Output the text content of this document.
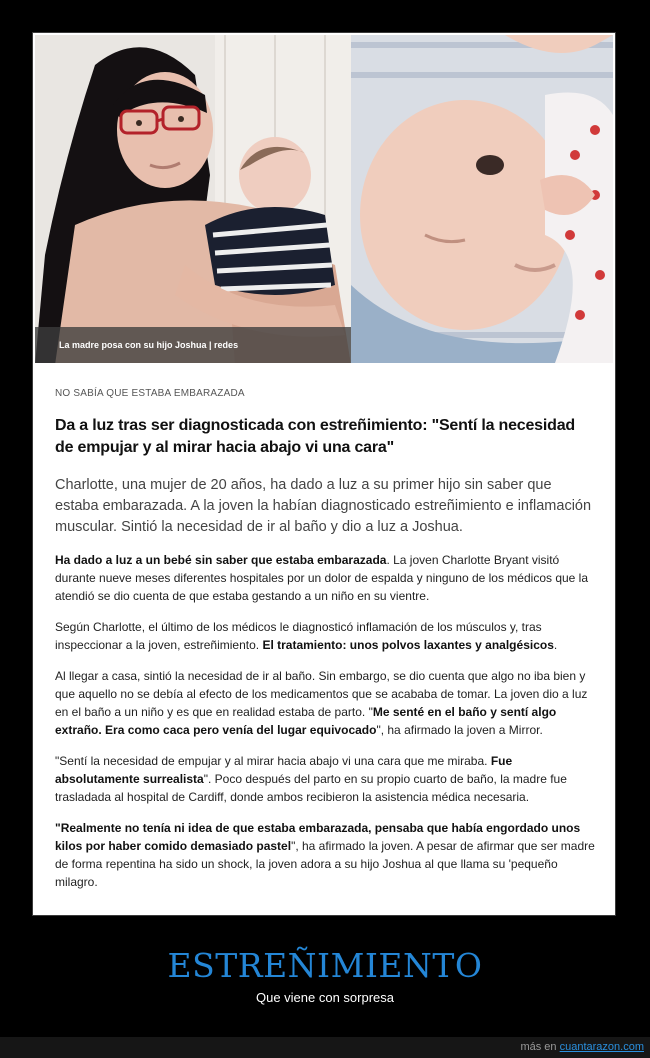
La madre posa con su hijo Joshua | redes
NO SABÍA QUE ESTABA EMBARAZADA
Da a luz tras ser diagnosticada con estreñimiento: "Sentí la necesidad de empujar y al mirar hacia abajo vi una cara"
Charlotte, una mujer de 20 años, ha dado a luz a su primer hijo sin saber que estaba embarazada. A la joven la habían diagnosticado estreñimiento e inflamación muscular. Sintió la necesidad de ir al baño y dio a luz a Joshua.
Ha dado a luz a un bebé sin saber que estaba embarazada. La joven Charlotte Bryant visitó durante nueve meses diferentes hospitales por un dolor de espalda y ninguno de los médicos que la atendió se dio cuenta de que estaba gestando a un niño en su vientre.
Según Charlotte, el último de los médicos le diagnosticó inflamación de los músculos y, tras inspeccionar a la joven, estreñimiento. El tratamiento: unos polvos laxantes y analgésicos.
Al llegar a casa, sintió la necesidad de ir al baño. Sin embargo, se dio cuenta que algo no iba bien y que aquello no se debía al efecto de los medicamentos que se acababa de tomar. La joven dio a luz en el baño a un niño y es que en realidad estaba de parto. "Me senté en el baño y sentí algo extraño. Era como caca pero venía del lugar equivocado", ha afirmado la joven a Mirror.
"Sentí la necesidad de empujar y al mirar hacia abajo vi una cara que me miraba. Fue absolutamente surrealista". Poco después del parto en su propio cuarto de baño, la madre fue trasladada al hospital de Cardiff, donde ambos recibieron la asistencia médica necesaria.
"Realmente no tenía ni idea de que estaba embarazada, pensaba que había engordado unos kilos por haber comido demasiado pastel", ha afirmado la joven. A pesar de afirmar que ser madre de forma repentina ha sido un shock, la joven adora a su hijo Joshua al que llama su 'pequeño milagro.
ESTREÑIMIENTO
Que viene con sorpresa
más en cuantarazon.com
